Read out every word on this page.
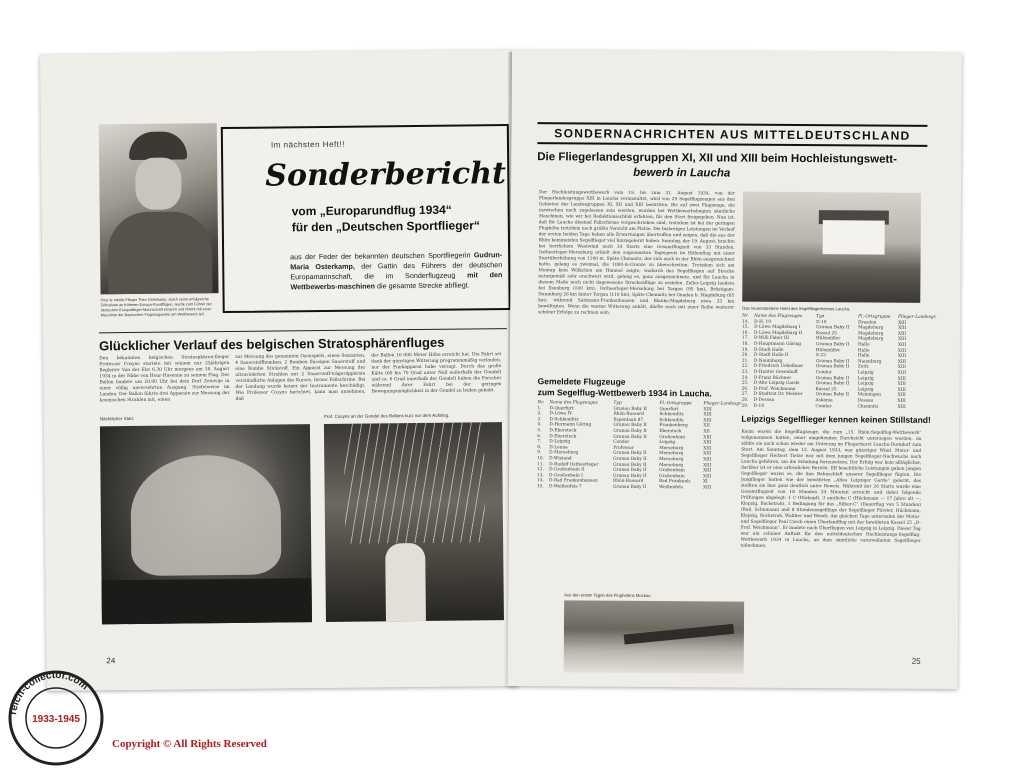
Pour le mérite-Flieger Theo Osterkamp, durch seine erfolgreiche Teilnahme an früheren Europa-Rundflügen, wurde zum Führer der deutschen Europaflieger-Mannschaft ernannt und nimmt mit einer Maschine der Bayrischen Flugzeugwerke am Wettbewerb teil.
Im nächsten Heft!!
Sonderbericht
vom „Europarundflug 1934“
für den „Deutschen Sportflieger“
aus der Feder der bekannten deutschen Sportfliegerin Gudrun-Maria Osterkamp, der Gattin des Führers der deutschen Europamannschaft, die im Sonderflugzeug mit den Wettbewerbs-maschinen die gesamte Strecke abfliegt.
Glücklicher Verlauf des belgischen Stratosphärenfluges
Den bekannten belgischen Stratosphären-flieger Professor Cosyns startete mit seinem nur 25jährigen Begleiter Van der Elst 6.30 Uhr morgens am 18. August 1934 in der Nähe von Hour-Havenne zu seinem Flug. Der Ballon landete um 20.00 Uhr bei dem Dorf Zenovije in einer völlig unversehrten Ausgang. Stiefelweise im Landen. Der Ballon führte drei Apparate zur Messung der kosmischen Strahlen mit, einen
zur Messung des genannten Ozonspiels, einen Sextanten, 4 Sauerstoffbomben, 2 Bomben flüssigen Sauerstoff und eine Bombe Stickstoff. Ein Apparat zur Messung der ultravioletten Strahlen mit 2 Sauerstoff-trägeräppärate verständliche Anlagen des Kurses, ferner Fallschirme. Bei der Landung wurde keiner der Instrumente beschädigt. Wie Professor Cosyns berichtet, kann man annehmen, daß
der Ballon 16 000 Meter Höhe erreicht hat. Die Fahrt sei dank der günstigen Witterung programmmäßig verlaufen, nur der Funkapparat habe versagt. Durch das große Kälte (60 bis 70 Grad unter Null außerhalb der Gondel) und ca. 6 Grad innerhalb der Gondel) haben die Forscher während ihrer Fahrt bei der geringen Bewegungsmöglichkeit in der Gondel zu leiden gehabt.
Nächtlicher Start.	Prof. Cosyns an der Gondel des Ballons kurz vor dem Aufstieg.
24
SONDERNACHRICHTEN AUS MITTELDEUTSCHLAND
Die Fliegerlandesgruppen XI, XII und XIII beim Hochleistungswett-
bewerb in Laucha
Der Hochleistungswettbewerb vom 19. bis zum 31. August 1934, von der Fliegerlandesgruppe XIII in Laucha veranstaltet, wird von 29 Segelflugzeugen aus den Gebieten der Landesgruppen XI, XII und XIII bestritten. Bis auf zwei Flugzeuge, die inzwischen noch zugelassen sein werden, wurden bei Wettbewerbsbeginn sämtliche Maschinen, wie wir bei Redaktionsschluß erfahren, für den Start freigegeben. Nun ist, daß für Laucha diesmal Fallschirme vorgeschrieben sind; trotzdem ist bei der geringen Flughöhe trotzdem noch größte Vorsicht am Platze. Die bisherigen Leistungen im Verlauf der ersten beiden Tage haben alle Erwartungen übertroffen und zeigen, daß die aus der Rhön kommenden Segelflieger viel hinzugelernt haben. Sonntag, der 19. August, brachte bei herrlichem Westwind nach 34 Starts eine Gesamtflugzeit von 33 Stunden. Ostheerleger-Merseburg erhielt den sogenannten Tagespreis im Höhenflug mit einer Startüberhöhung von 1100 m. Späte-Chemnitz, der sich auch in der Rhön ausgezeichnet hatte, gelang es zweimal, die 1000-m-Grenze zu überschreiten. Trotzdem sich am Montag kein Wölkchen am Himmel zeigte, wodurch das Segelfliegen auf Strecke naturgemäß sehr erschwert wird, gelang es, ganz ausgezeichnete, und für Laucha in diesem Maße noch nicht dagewesene Streckenflüge zu erzielen. Zeller-Leipzig landete bei Ilsenburg (100 km), Ostheerleger-Merseburg bei Torgau (95 km), Brüstigam-Naumburg 26 km hinter Torgau (110 km), Späte-Chemnitz bei Gnadau b. Magdeburg (85 km), während Salzmann-Frankenhausen und Blanke-Magdeburg etwa 25 km bewältigten. Wenn die warme Witterung anhält, dürfte noch mit einer Reihe weiterer schöner Erfolge zu rechnen sein.
Das neuerstandene Hotel des Segelfliegerheimes Laucha.
Gemeldete Flugzeuge
zum Segelflug-Wettbewerb 1934 in Laucha.
Nr.	Name des Flugzeuges	Typ	Fl.-Ortsgruppe	Flieger-Landesgr.
1.	D-Querfurt	Grunau Baby II	Querfurt	XIII
2.	D-Löwa IV	Rhön-Bussard	Schkeuditz	XIII
3.	D-Schkeuditz	Espenlaub 87	Schkeuditz	XIII
4.	D-Hermann Göring	Grunau Baby II	Frankenberg	XII
5.	D-Eberstock	Grunau Baby II	Eberstock	XII
6.	D-Eberstock	Grunau Baby II	Großenhain	XIII
7.	D-Leipzig	Condor	Leipzig	XIII
8.	D-Leuna	Professor	Merseburg	XIII
9.	D-Merseburg	Grunau Baby II	Merseburg	XIII
10.	D-Wieland	Grunau Baby II	Merseburg	XIII
11.	D-Rudolf Ostheerleger	Grunau Baby II	Merseburg	XIII
12.	D-Großenhain II	Grunau Baby II	Großenhain	XIII
13.	D-Großenhain I	Grunau Baby II	Großenhain	XIII
14.	D-Bad Frankenhausen	Rhön-Bussard	Bad Frankenh.	XI
15.	D-Weißenfels 7	Grunau Baby II	Weißenfels	XIII
Nr.	Name des Flugzeuges	Typ	Fl.-Ortsgruppe	Flieger-Landesgr.
14.	D-H. 19	D-10	Dresden	XIII
15.	D-Löwa Magdeburg I	Grunau Baby II	Magdeburg	XIII
16.	D-Löwa Magdeburg II	Kassel 25	Magdeburg	XIII
17.	D-Willi Faber III	Hülsmüller	Magdeburg	XIII
18.	D-Hauptmann Göring	Grunau Baby II	Halle	XIII
19.	D-Stadt Halle	Hülsmüller	Halle	XIII
20.	D-Stadt Halle II	S-23	Halle	XIII
21.	D-Naumburg	Grunau Baby II	Naumburg	XIII
22.	D-Friedrich Uebelhoer	Grunau Baby II	Zeitz	XIII
23.	D-Hunter Gesenhoff	Condor	Leipzig	XIII
24.	D-Franz Büchner	Grunau Baby II	Leipzig	XIII
25.	D-Alte Leipzig Garde	Grunau Baby II	Leipzig	XIII
26.	D-Prof. Weickmann	Kassel 25	Leipzig	XIII
27.	D-Stadtrat Dr. Melster	Grunau Baby II	Meiningen	XIII
28.	D-Dessau	Askania	Dessau	XIII
29.	D-18	Condor	Chemnitz	XIII
Leipzigs Segelflieger kennen keinen Stillstand!
Kaum waren die Segelflugzeuge, die zum „15. Rhön-Segelflug-Wettbewerb“ teilgenommen hatten, einer eingehenden Durchsicht unterzogen worden, da zählte sie auch schon wieder am Unterzug im Fliegerhorst Laucha-Dorndorf zum Start. Am Sonntag, dem 12. August 1934, war günstiger Wind. Motor- und Segelflieger Herbert Tietze war mit dem jungen Segelflieger-Nachwuchs nach Laucha gefahren, um die Schulung fortzusetzen. Der Erfolg war kein alltäglicher, darüber ist er eine erfreulicher Bericht. Elf beachtliche Leistungen gaben jungen Segelflieger waren es, die ihm Bahnschlaft unserer Segelflieger fügten. Die Jungflieger hatten wie der bewährten „Altes Leipziger Garde“ gelernt, das stellten sie hier ganz deutlich unter Beweis. Während der 26 Starts wurde eine Gesamtflugzeit von 18 Stunden 24 Minuten erreicht und dabei folgende Prüfungen abgelegt: 1 C (Dürkopf), 3 amtliche C (Hückmann — 17 Jahre alt —, Klepzig, Bockstroh), 1 Bedingung für das „Silber-C“ (Dauerflug von 5 Stunden) (Rud. Schumann) und 8 Stundensegelflüge der Segelflieger Förster, Hückmann, Klepzig, Bockstroh, Walther und Wendt. Am gleichen Tage unternahm der Motor- und Segelflieger Paul Czech einen Überlandflug mit der bewährten Kassel 25 „D-Prof. Weickmann“. Er landete nach Überfliegen von Leipzig in Leipzig. Dieser Tag war ein schöner Auftakt für den mitteldeutschen Hochleistungs-Segelflug-Wettbewerb 1934 in Laucha, an dem sämtliche vorerwähnten Segelflieger teilnehmen.
Aus den ersten Tagen des Flughafens Mockau.
25
reich-collector.com
1933-1945
Copyright © All Rights Reserved
